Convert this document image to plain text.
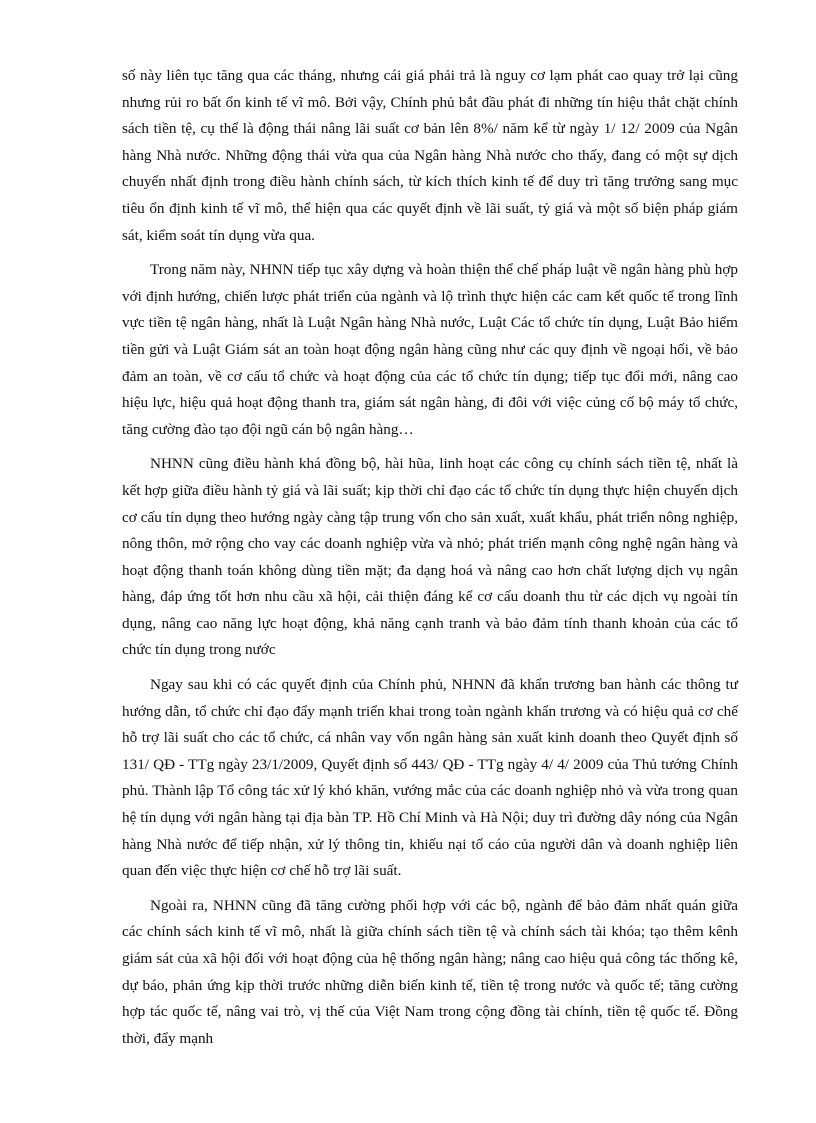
số này liên tục tăng qua các tháng, nhưng cái giá phải trả là nguy cơ lạm phát cao quay trở lại cũng nhưng rủi ro bất ổn kinh tế vĩ mô. Bởi vậy, Chính phủ bắt đầu phát đi những tín hiệu thắt chặt chính sách tiền tệ, cụ thể là động thái nâng lãi suất cơ bản lên 8%/ năm kể từ ngày 1/ 12/ 2009 của Ngân hàng Nhà nước. Những động thái vừa qua của Ngân hàng Nhà nước cho thấy, đang có một sự dịch chuyển nhất định trong điều hành chính sách, từ kích thích kinh tế để duy trì tăng trưởng sang mục tiêu ổn định kinh tế vĩ mô, thể hiện qua các quyết định về lãi suất, tỷ giá và một số biện pháp giám sát, kiểm soát tín dụng vừa qua.

Trong năm này, NHNN tiếp tục xây dựng và hoàn thiện thể chế pháp luật về ngân hàng phù hợp với định hướng, chiến lược phát triển của ngành và lộ trình thực hiện các cam kết quốc tế trong lĩnh vực tiền tệ ngân hàng, nhất là Luật Ngân hàng Nhà nước, Luật Các tổ chức tín dụng, Luật Bảo hiểm tiền gửi và Luật Giám sát an toàn hoạt động ngân hàng cũng như các quy định về ngoại hối, về bảo đảm an toàn, về cơ cấu tổ chức và hoạt động của các tổ chức tín dụng; tiếp tục đổi mới, nâng cao hiệu lực, hiệu quả hoạt động thanh tra, giám sát ngân hàng, đi đôi với việc củng cố bộ máy tổ chức, tăng cường đào tạo đội ngũ cán bộ ngân hàng…

NHNN cũng điều hành khá đồng bộ, hài hũa, linh hoạt các công cụ chính sách tiền tệ, nhất là kết hợp giữa điều hành tỷ giá và lãi suất; kịp thời chỉ đạo các tổ chức tín dụng thực hiện chuyển dịch cơ cấu tín dụng theo hướng ngày càng tập trung vốn cho sản xuất, xuất khẩu, phát triển nông nghiệp, nông thôn, mở rộng cho vay các doanh nghiệp vừa và nhỏ; phát triển mạnh công nghệ ngân hàng và hoạt động thanh toán không dùng tiền mặt; đa dạng hoá và nâng cao hơn chất lượng dịch vụ ngân hàng, đáp ứng tốt hơn nhu cầu xã hội, cải thiện đáng kể cơ cấu doanh thu từ các dịch vụ ngoài tín dụng, nâng cao năng lực hoạt động, khả năng cạnh tranh và bảo đảm tính thanh khoản của các tổ chức tín dụng trong nước

Ngay sau khi có các quyết định của Chính phủ, NHNN đã khẩn trương ban hành các thông tư hướng dẫn, tổ chức chỉ đạo đẩy mạnh triển khai trong toàn ngành khẩn trương và có hiệu quả cơ chế hỗ trợ lãi suất cho các tổ chức, cá nhân vay vốn ngân hàng sản xuất kinh doanh theo Quyết định số 131/ QĐ - TTg ngày 23/1/2009, Quyết định số 443/ QĐ - TTg ngày 4/ 4/ 2009 của Thủ tướng Chính phủ. Thành lập Tổ công tác xử lý khó khăn, vướng mắc của các doanh nghiệp nhỏ và vừa trong quan hệ tín dụng với ngân hàng tại địa bàn TP. Hồ Chí Minh và Hà Nội; duy trì đường dây nóng của Ngân hàng Nhà nước để tiếp nhận, xử lý thông tin, khiếu nại tố cáo của người dân và doanh nghiệp liên quan đến việc thực hiện cơ chế hỗ trợ lãi suất.

Ngoài ra, NHNN cũng đã tăng cường phối hợp với các bộ, ngành để bảo đảm nhất quán giữa các chính sách kinh tế vĩ mô, nhất là giữa chính sách tiền tệ và chính sách tài khóa; tạo thêm kênh giám sát của xã hội đối với hoạt động của hệ thống ngân hàng; nâng cao hiệu quả công tác thống kê, dự báo, phản ứng kịp thời trước những diễn biến kinh tế, tiền tệ trong nước và quốc tế; tăng cường hợp tác quốc tế, nâng vai trò, vị thế của Việt Nam trong cộng đồng tài chính, tiền tệ quốc tế. Đồng thời, đẩy mạnh
